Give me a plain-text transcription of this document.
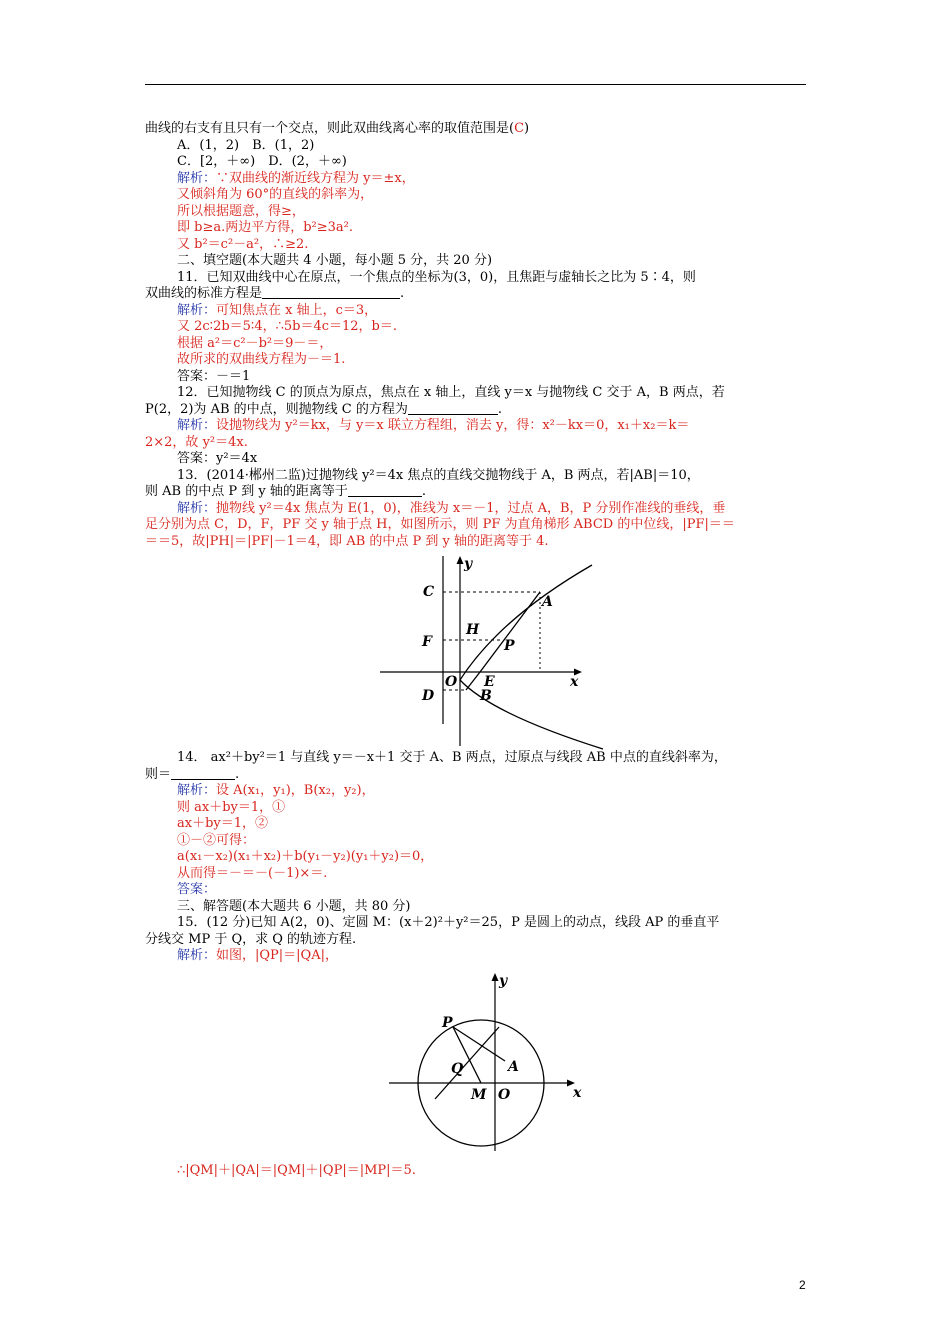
曲线的右支有且只有一个交点，则此双曲线离心率的取值范围是(C)
A．(1，2)　B．(1，2)
C．[2，＋∞)　D．(2，＋∞)
解析：∵双曲线的渐近线方程为 y＝±x，
又倾斜角为 60°的直线的斜率为，
所以根据题意，得≥，
即 b≥a.两边平方得，b²≥3a².
又 b²＝c²－a²，∴≥2.
二、填空题(本大题共 4 小题，每小题 5 分，共 20 分)
11．已知双曲线中心在原点，一个焦点的坐标为(3，0)，且焦距与虚轴长之比为 5∶4，则
双曲线的标准方程是	.
解析：可知焦点在 x 轴上，c＝3，
又 2c∶2b＝5∶4，∴5b＝4c＝12，b＝.
根据 a²＝c²－b²＝9－＝，
故所求的双曲线方程为－＝1.
答案：－＝1
12．已知抛物线 C 的顶点为原点，焦点在 x 轴上，直线 y＝x 与抛物线 C 交于 A，B 两点，若
P(2，2)为 AB 的中点，则抛物线 C 的方程为	.
解析：设抛物线为 y²＝kx，与 y＝x 联立方程组，消去 y，得：x²－kx＝0，x₁＋x₂＝k＝
2×2，故 y²＝4x.
答案：y²＝4x
13．(2014·郴州二监)过抛物线 y²＝4x 焦点的直线交抛物线于 A，B 两点，若|AB|＝10，
则 AB 的中点 P 到 y 轴的距离等于	.
解析：抛物线 y²＝4x 焦点为 E(1，0)，准线为 x＝－1，过点 A，B，P 分别作准线的垂线，垂
足分别为点 C，D，F，PF 交 y 轴于点 H，如图所示，则 PF 为直角梯形 ABCD 的中位线，|PF|＝＝
＝＝5，故|PH|＝|PF|－1＝4，即 AB 的中点 P 到 y 轴的距离等于 4.
y
x
C
A
H
F	P
O E
D	B
14． ax²＋by²＝1 与直线 y＝－x＋1 交于 A、B 两点，过原点与线段 AB 中点的直线斜率为，
则＝	.
解析：设 A(x₁，y₁)，B(x₂，y₂)，
则 ax＋by＝1，①
ax＋by＝1，②
①－②可得：
a(x₁－x₂)(x₁＋x₂)＋b(y₁－y₂)(y₁＋y₂)＝0，
从而得＝－＝－(－1)×＝.
答案：
三、解答题(本大题共 6 小题，共 80 分)
15．(12 分)已知 A(2，0)、定圆 M：(x＋2)²＋y²＝25，P 是圆上的动点，线段 AP 的垂直平
分线交 MP 于 Q，求 Q 的轨迹方程.
解析：如图，|QP|＝|QA|，
y
x
P
Q	A
M O
∴|QM|＋|QA|＝|QM|＋|QP|＝|MP|＝5.
2
